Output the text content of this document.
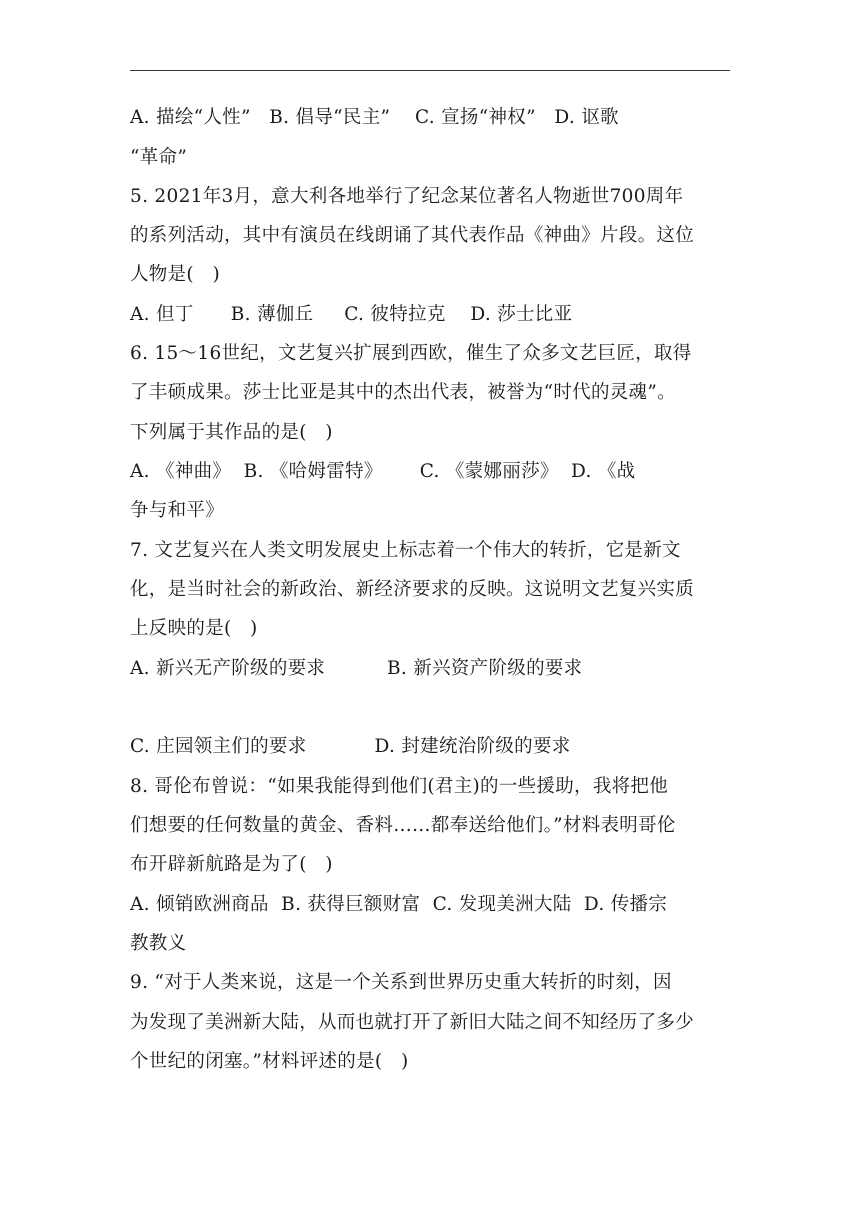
A. 描绘“人性”   B. 倡导“民主”    C. 宣扬“神权”   D. 讴歌
“革命”
5. 2021年3月，意大利各地举行了纪念某位著名人物逝世700周年
的系列活动，其中有演员在线朗诵了其代表作品《神曲》片段。这位
人物是(   )
A. 但丁      B. 薄伽丘     C. 彼特拉克    D. 莎士比亚
6. 15～16世纪，文艺复兴扩展到西欧，催生了众多文艺巨匠，取得
了丰硕成果。莎士比亚是其中的杰出代表，被誉为“时代的灵魂”。
下列属于其作品的是(   )
A. 《神曲》  B. 《哈姆雷特》      C. 《蒙娜丽莎》  D. 《战
争与和平》
7. 文艺复兴在人类文明发展史上标志着一个伟大的转折，它是新文
化，是当时社会的新政治、新经济要求的反映。这说明文艺复兴实质
上反映的是(   )
A. 新兴无产阶级的要求          B. 新兴资产阶级的要求
C. 庄园领主们的要求           D. 封建统治阶级的要求
8. 哥伦布曾说：“如果我能得到他们(君主)的一些援助，我将把他
们想要的任何数量的黄金、香料……都奉送给他们。”材料表明哥伦
布开辟新航路是为了(   )
A. 倾销欧洲商品  B. 获得巨额财富  C. 发现美洲大陆  D. 传播宗
教教义
9. “对于人类来说，这是一个关系到世界历史重大转折的时刻，因
为发现了美洲新大陆，从而也就打开了新旧大陆之间不知经历了多少
个世纪的闭塞。”材料评述的是(   )
